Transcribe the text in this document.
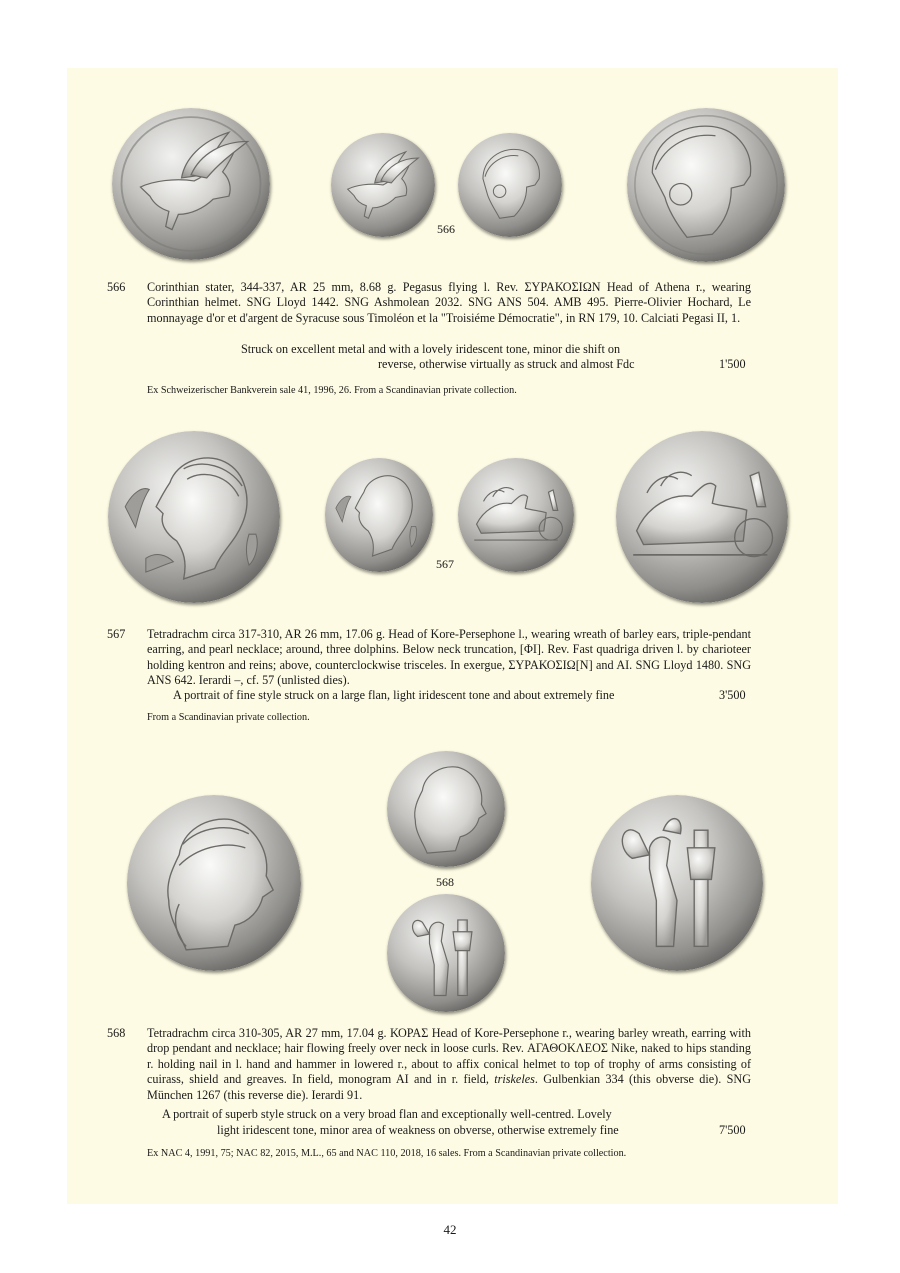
566
566 Corinthian stater, 344-337, AR 25 mm, 8.68 g. Pegasus flying l. Rev. ΣΥΡΑΚΟΣΙΩΝ Head of Athena r., wearing Corinthian helmet. SNG Lloyd 1442. SNG Ashmolean 2032. SNG ANS 504. AMB 495. Pierre-Olivier Hochard, Le monnayage d'or et d'argent de Syracuse sous Timoléon et la "Troisiéme Démocratie", in RN 179, 10. Calciati Pegasi II, 1.

Struck on excellent metal and with a lovely iridescent tone, minor die shift on
reverse, otherwise virtually as struck and almost Fdc	1'500
Ex Schweizerischer Bankverein sale 41, 1996, 26. From a Scandinavian private collection.
567
567 Tetradrachm circa 317-310, AR 26 mm, 17.06 g. Head of Kore-Persephone l., wearing wreath of barley ears, triple-pendant earring, and pearl necklace; around, three dolphins. Below neck truncation, [ΦΙ]. Rev. Fast quadriga driven l. by charioteer holding kentron and reins; above, counterclockwise trisceles. In exergue, ΣΥΡΑΚΟΣΙΩ[Ν] and AI. SNG Lloyd 1480. SNG ANS 642. Ierardi –, cf. 57 (unlisted dies).

A portrait of fine style struck on a large flan, light iridescent tone and about extremely fine	3'500
From a Scandinavian private collection.
568
568 Tetradrachm circa 310-305, AR 27 mm, 17.04 g. ΚΟΡΑΣ Head of Kore-Persephone r., wearing barley wreath, earring with drop pendant and necklace; hair flowing freely over neck in loose curls. Rev. ΑΓΑΘΟΚΛΕΟΣ Nike, naked to hips standing r. holding nail in l. hand and hammer in lowered r., about to affix conical helmet to top of trophy of arms consisting of cuirass, shield and greaves. In field, monogram AI and in r. field, triskeles. Gulbenkian 334 (this obverse die). SNG München 1267 (this reverse die). Ierardi 91.

A portrait of superb style struck on a very broad flan and exceptionally well-centred. Lovely
light iridescent tone, minor area of weakness on obverse, otherwise extremely fine	7'500
Ex NAC 4, 1991, 75; NAC 82, 2015, M.L., 65 and NAC 110, 2018, 16 sales. From a Scandinavian private collection.
42
